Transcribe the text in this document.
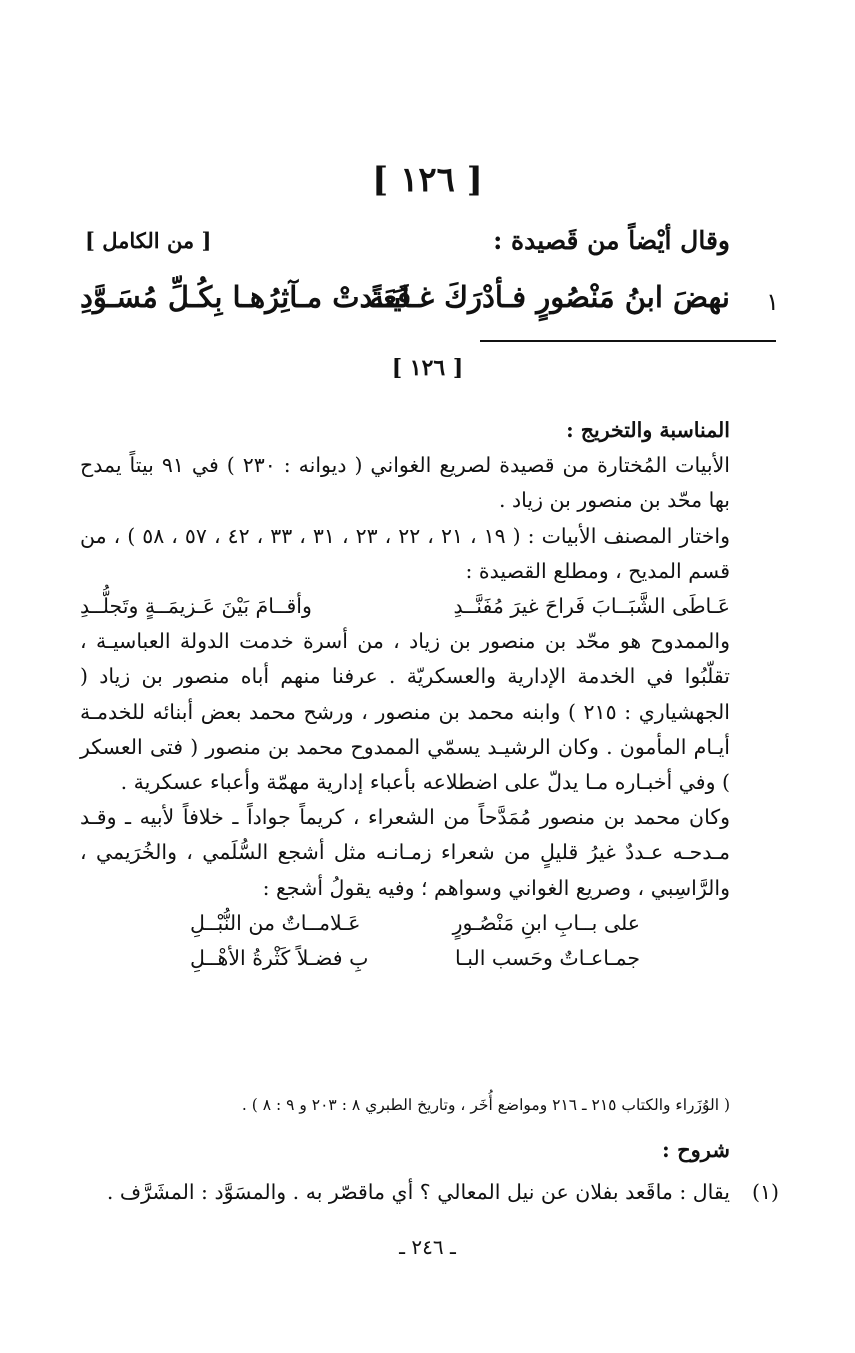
[ ١٢٦ ]
وقال أيْضاً من قَصيدة :
[ من الكامل ]
١
نهضَ ابنُ مَنْصُورٍ فـأدْرَكَ غـايَـةً
قَعَـدتْ مـآثِرُهـا بِكُـلِّ مُسَـوَّدِ
[ ١٢٦ ]

المناسبة والتخريج :

الأبيات المُختارة من قصيدة لصريع الغواني ( ديوانه : ٢٣٠ ) في ٩١ بيتاً يمدح بها محّد بن منصور بن زياد .

واختار المصنف الأبيات : ( ١٩ ، ٢١ ، ٢٢ ، ٢٣ ، ٣١ ، ٣٣ ، ٤٢ ، ٥٧ ، ٥٨ ) ، من قسم المديح ، ومطلع القصيدة :

عَـاطَى الشَّبَــابَ فَراحَ غيرَ مُفَنَّــدِ
وأقــامَ بَيْنَ عَـزيمَــةٍ وتَجلُّــدِ

والممدوح هو محّد بن منصور بن زياد ، من أسرة خدمت الدولة العباسيـة ، تقلّبُوا في الخدمة الإدارية والعسكريّة . عرفنا منهم أباه منصور بن زياد ( الجهشياري : ٢١٥ ) وابنه محمد بن منصور ، ورشح محمد بعض أبنائه للخدمـة أيـام المأمون . وكان الرشيـد يسمّي الممدوح محمد بن منصور ( فتى العسكر ) وفي أخبـاره مـا يدلّ على اضطلاعه بأعباء إدارية مهمّة وأعباء عسكرية .

وكان محمد بن منصور مُمَدَّحاً من الشعراء ، كريماً جواداً ـ خلافاً لأبيه ـ وقـد مـدحـه عـددٌ غيرُ قليلٍ من شعراء زمـانـه مثل أشجع السُّلَمي ، والخُرَيمي ، والرَّاسِبي ، وصريع الغواني وسواهم ؛ وفيه يقولُ أشجع :

على بــابِ ابنِ مَنْصُـورٍ
عَـلامــاتٌ من النُّبْــلِ
جمـاعـاتٌ وحَسب البـا
بِ فضـلاً كَثْرةُ الأهْــلِ
( الوُزَراء والكتاب ٢١٥ ـ ٢١٦ ومواضع أُخَر ، وتاريخ الطبري ٨ : ٢٠٣ و ٩ : ٨ ) .
شروح :
(١)
يقال : ماقَعد بفلان عن نيل المعالي ؟ أي ماقصّر به . والمسَوَّد : المشَرَّف .
ـ ٢٤٦ ـ
